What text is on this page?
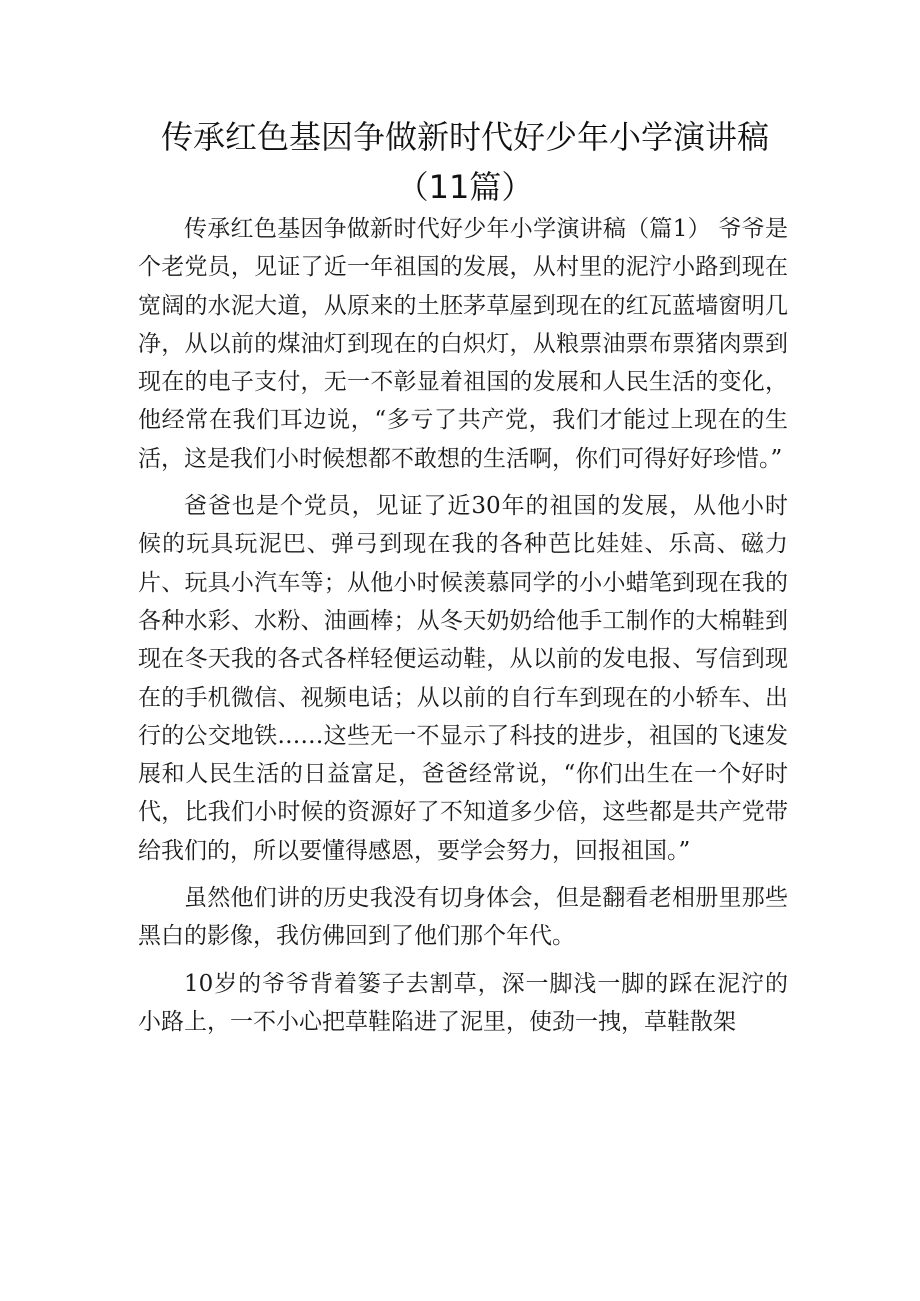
传承红色基因争做新时代好少年小学演讲稿（11篇）

传承红色基因争做新时代好少年小学演讲稿（篇1） 爷爷是个老党员，见证了近一年祖国的发展，从村里的泥泞小路到现在宽阔的水泥大道，从原来的土胚茅草屋到现在的红瓦蓝墙窗明几净，从以前的煤油灯到现在的白炽灯，从粮票油票布票猪肉票到现在的电子支付，无一不彰显着祖国的发展和人民生活的变化，他经常在我们耳边说，“多亏了共产党，我们才能过上现在的生活，这是我们小时候想都不敢想的生活啊，你们可得好好珍惜。”

爸爸也是个党员，见证了近30年的祖国的发展，从他小时候的玩具玩泥巴、弹弓到现在我的各种芭比娃娃、乐高、磁力片、玩具小汽车等；从他小时候羡慕同学的小小蜡笔到现在我的各种水彩、水粉、油画棒；从冬天奶奶给他手工制作的大棉鞋到现在冬天我的各式各样轻便运动鞋，从以前的发电报、写信到现在的手机微信、视频电话；从以前的自行车到现在的小轿车、出行的公交地铁……这些无一不显示了科技的进步，祖国的飞速发展和人民生活的日益富足，爸爸经常说，“你们出生在一个好时代，比我们小时候的资源好了不知道多少倍，这些都是共产党带给我们的，所以要懂得感恩，要学会努力，回报祖国。”

虽然他们讲的历史我没有切身体会，但是翻看老相册里那些黑白的影像，我仿佛回到了他们那个年代。

10岁的爷爷背着篓子去割草，深一脚浅一脚的踩在泥泞的小路上，一不小心把草鞋陷进了泥里，使劲一拽，草鞋散架
